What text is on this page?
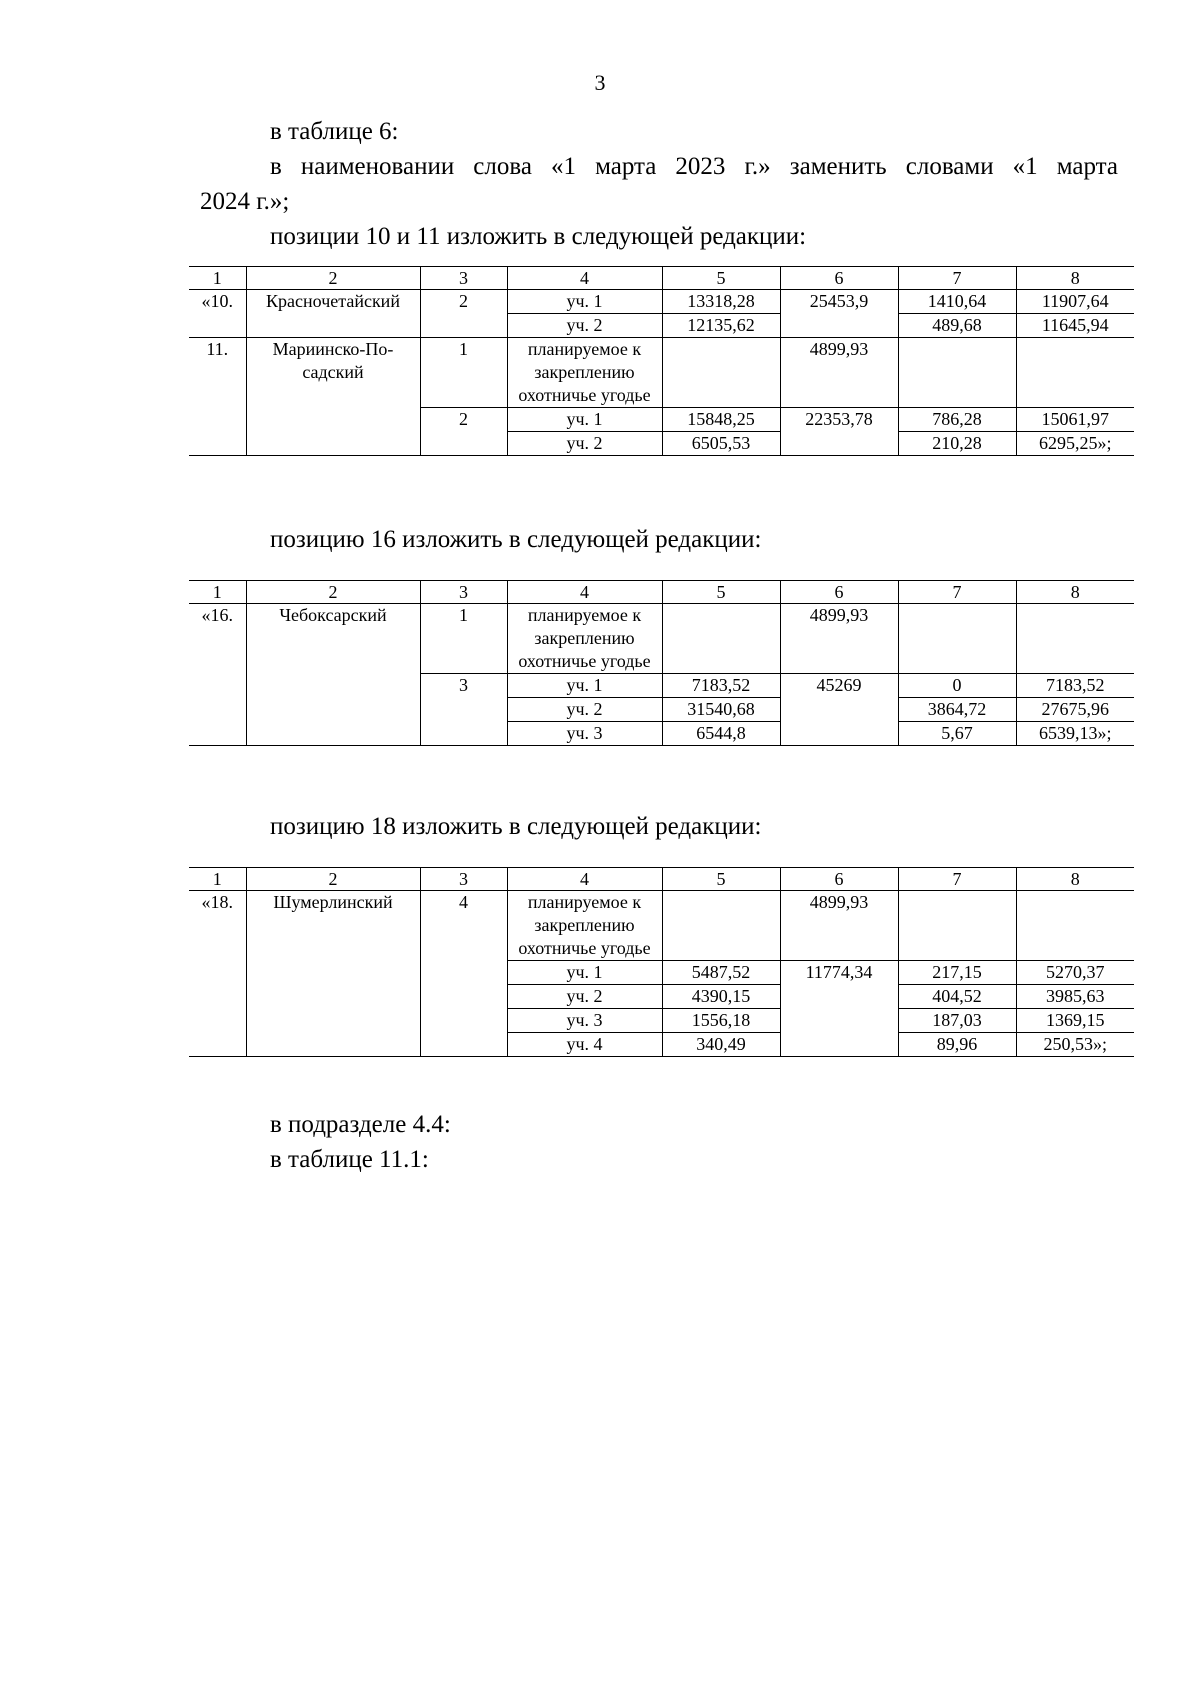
3
в таблице 6:
в наименовании слова «1 марта 2023 г.» заменить словами «1 марта
2024 г.»;
позиции 10 и 11 изложить в следующей редакции:
1	2	3	4	5	6	7	8
«10.	Красночетайский	2	уч. 1	13318,28	25453,9	1410,64	11907,64
			уч. 2	12135,62		489,68	11645,94
11.	Мариинско-По-садский	1	планируемое к закреплению охотничье угодье		4899,93		
		2	уч. 1	15848,25	22353,78	786,28	15061,97
			уч. 2	6505,53		210,28	6295,25»;
позицию 16 изложить в следующей редакции:
1	2	3	4	5	6	7	8
«16.	Чебоксарский	1	планируемое к закреплению охотничье угодье		4899,93		
		3	уч. 1	7183,52	45269	0	7183,52
			уч. 2	31540,68		3864,72	27675,96
			уч. 3	6544,8		5,67	6539,13»;
позицию 18 изложить в следующей редакции:
1	2	3	4	5	6	7	8
«18.	Шумерлинский	4	планируемое к закреплению охотничье угодье		4899,93		
			уч. 1	5487,52	11774,34	217,15	5270,37
			уч. 2	4390,15		404,52	3985,63
			уч. 3	1556,18		187,03	1369,15
			уч. 4	340,49		89,96	250,53»;
в подразделе 4.4:
в таблице 11.1:
